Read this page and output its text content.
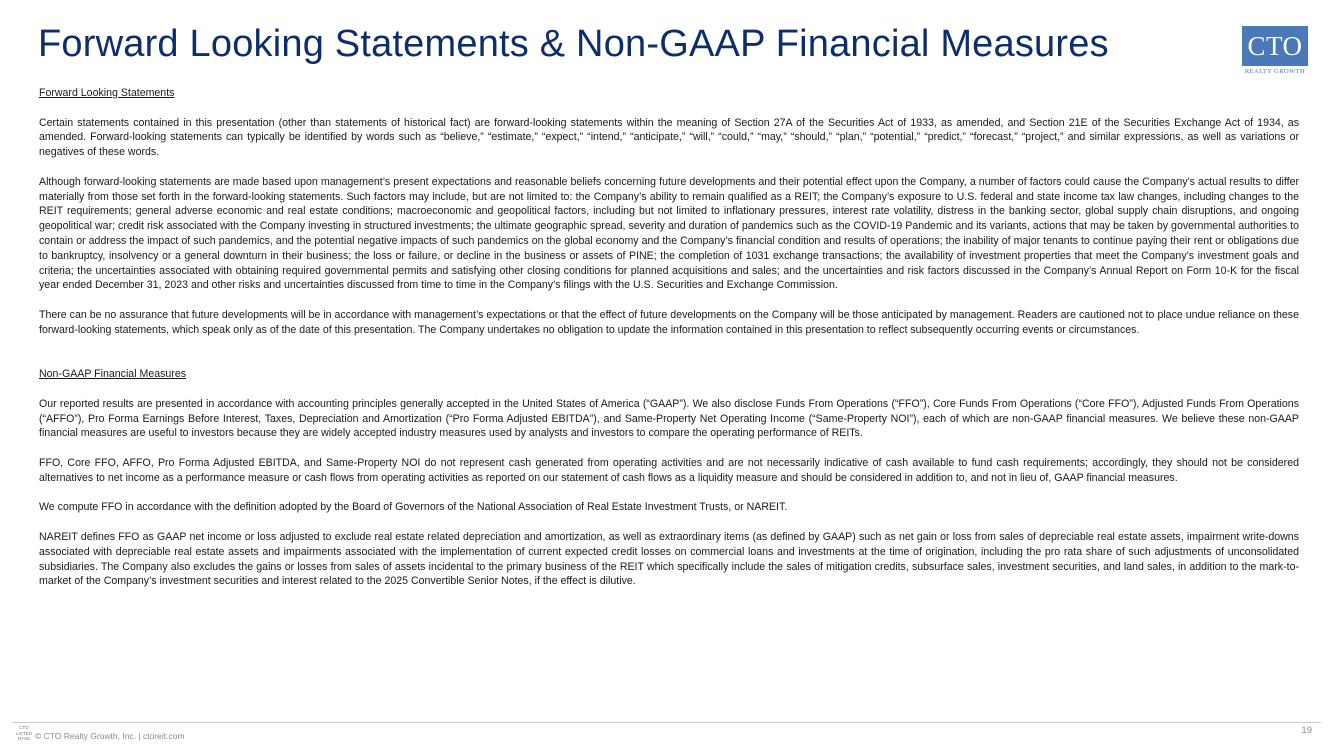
Forward Looking Statements & Non-GAAP Financial Measures	CTO
REALTY GROWTH
Forward Looking Statements

Certain statements contained in this presentation (other than statements of historical fact) are forward-looking statements within the meaning of Section 27A of the Securities Act of 1933, as amended, and Section 21E of the Securities Exchange Act of 1934, as amended. Forward-looking statements can typically be identified by words such as “believe,” “estimate,” “expect,” “intend,” “anticipate,” “will,” “could,” “may,” “should,” “plan,” “potential,” “predict,” “forecast,” “project,” and similar expressions, as well as variations or negatives of these words.

Although forward-looking statements are made based upon management’s present expectations and reasonable beliefs concerning future developments and their potential effect upon the Company, a number of factors could cause the Company’s actual results to differ materially from those set forth in the forward-looking statements. Such factors may include, but are not limited to: the Company’s ability to remain qualified as a REIT; the Company’s exposure to U.S. federal and state income tax law changes, including changes to the REIT requirements; general adverse economic and real estate conditions; macroeconomic and geopolitical factors, including but not limited to inflationary pressures, interest rate volatility, distress in the banking sector, global supply chain disruptions, and ongoing geopolitical war; credit risk associated with the Company investing in structured investments; the ultimate geographic spread, severity and duration of pandemics such as the COVID-19 Pandemic and its variants, actions that may be taken by governmental authorities to contain or address the impact of such pandemics, and the potential negative impacts of such pandemics on the global economy and the Company’s financial condition and results of operations; the inability of major tenants to continue paying their rent or obligations due to bankruptcy, insolvency or a general downturn in their business; the loss or failure, or decline in the business or assets of PINE; the completion of 1031 exchange transactions; the availability of investment properties that meet the Company’s investment goals and criteria; the uncertainties associated with obtaining required governmental permits and satisfying other closing conditions for planned acquisitions and sales; and the uncertainties and risk factors discussed in the Company’s Annual Report on Form 10-K for the fiscal year ended December 31, 2023 and other risks and uncertainties discussed from time to time in the Company’s filings with the U.S. Securities and Exchange Commission.

There can be no assurance that future developments will be in accordance with management’s expectations or that the effect of future developments on the Company will be those anticipated by management. Readers are cautioned not to place undue reliance on these forward-looking statements, which speak only as of the date of this presentation. The Company undertakes no obligation to update the information contained in this presentation to reflect subsequently occurring events or circumstances.

Non-GAAP Financial Measures

Our reported results are presented in accordance with accounting principles generally accepted in the United States of America (“GAAP”). We also disclose Funds From Operations (“FFO”), Core Funds From Operations (“Core FFO”), Adjusted Funds From Operations (“AFFO”), Pro Forma Earnings Before Interest, Taxes, Depreciation and Amortization (“Pro Forma Adjusted EBITDA”), and Same-Property Net Operating Income (“Same-Property NOI”), each of which are non-GAAP financial measures. We believe these non-GAAP financial measures are useful to investors because they are widely accepted industry measures used by analysts and investors to compare the operating performance of REITs.

FFO, Core FFO, AFFO, Pro Forma Adjusted EBITDA, and Same-Property NOI do not represent cash generated from operating activities and are not necessarily indicative of cash available to fund cash requirements; accordingly, they should not be considered alternatives to net income as a performance measure or cash flows from operating activities as reported on our statement of cash flows as a liquidity measure and should be considered in addition to, and not in lieu of, GAAP financial measures.

We compute FFO in accordance with the definition adopted by the Board of Governors of the National Association of Real Estate Investment Trusts, or NAREIT.

NAREIT defines FFO as GAAP net income or loss adjusted to exclude real estate related depreciation and amortization, as well as extraordinary items (as defined by GAAP) such as net gain or loss from sales of depreciable real estate assets, impairment write-downs associated with depreciable real estate assets and impairments associated with the implementation of current expected credit losses on commercial loans and investments at the time of origination, including the pro rata share of such adjustments of unconsolidated subsidiaries. The Company also excludes the gains or losses from sales of assets incidental to the primary business of the REIT which specifically include the sales of mitigation credits, subsurface sales, investment securities, and land sales, in addition to the mark-to-market of the Company’s investment securities and interest related to the 2025 Convertible Senior Notes, if the effect is dilutive.

CTO
LISTED
NYSE © CTO Realty Growth, Inc. | ctoreit.com	19
